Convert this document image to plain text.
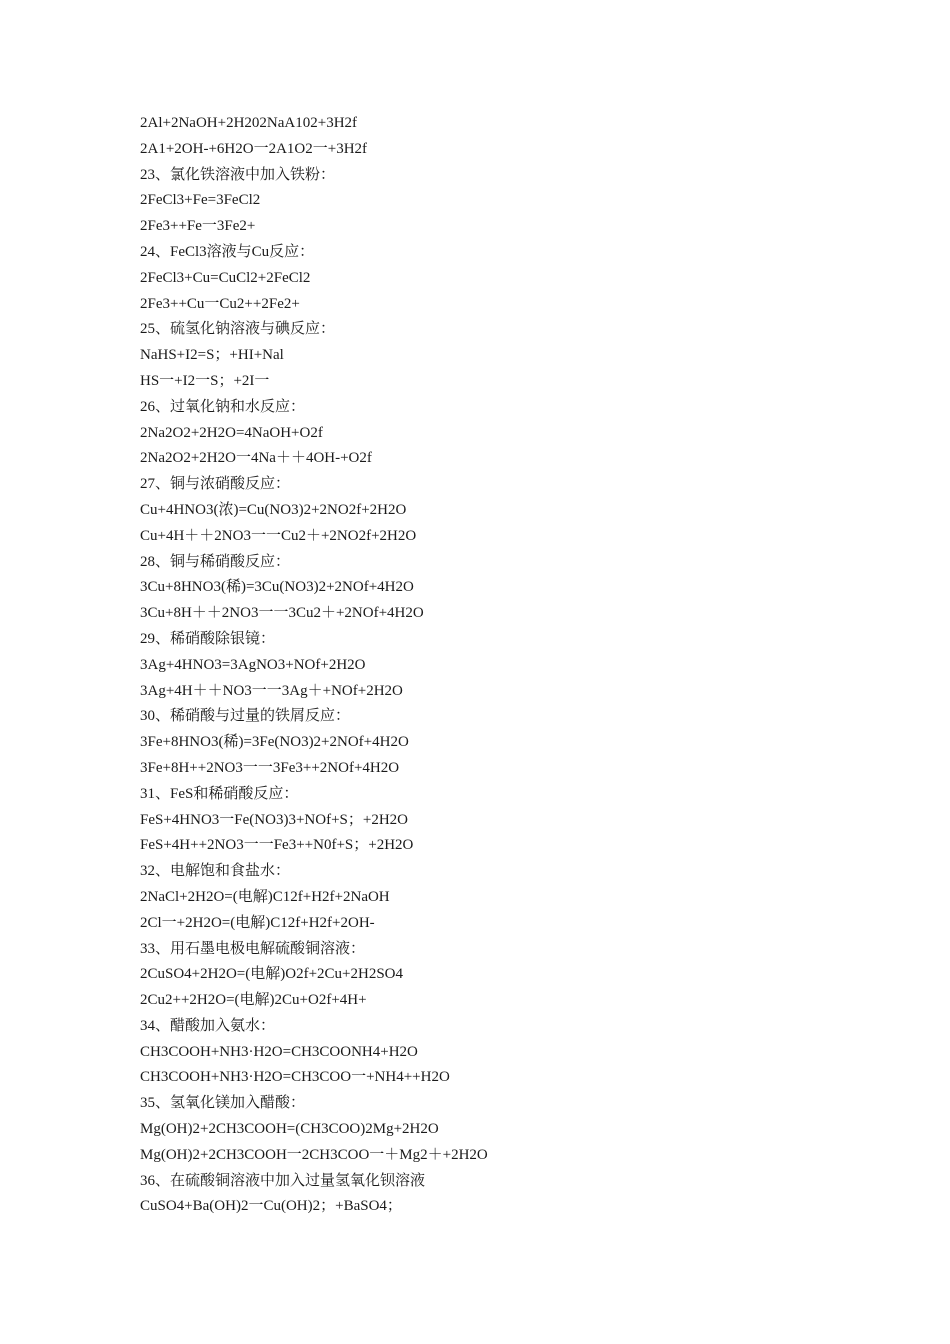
2Al+2NaOH+2H202NaA102+3H2f
2A1+2OH-+6H2O一2A1O2一+3H2f
23、氯化铁溶液中加入铁粉：
2FeCl3+Fe=3FeCl2
2Fe3++Fe一3Fe2+
24、FeCl3溶液与Cu反应：
2FeCl3+Cu=CuCl2+2FeCl2
2Fe3++Cu一Cu2++2Fe2+
25、硫氢化钠溶液与碘反应：
NaHS+I2=S；+HI+Nal
HS一+I2一S；+2I一
26、过氧化钠和水反应：
2Na2O2+2H2O=4NaOH+O2f
2Na2O2+2H2O一4Na＋＋4OH-+O2f
27、铜与浓硝酸反应：
Cu+4HNO3(浓)=Cu(NO3)2+2NO2f+2H2O
Cu+4H＋＋2NO3一一Cu2＋+2NO2f+2H2O
28、铜与稀硝酸反应：
3Cu+8HNO3(稀)=3Cu(NO3)2+2NOf+4H2O
3Cu+8H＋＋2NO3一一3Cu2＋+2NOf+4H2O
29、稀硝酸除银镜：
3Ag+4HNO3=3AgNO3+NOf+2H2O
3Ag+4H＋＋NO3一一3Ag＋+NOf+2H2O
30、稀硝酸与过量的铁屑反应：
3Fe+8HNO3(稀)=3Fe(NO3)2+2NOf+4H2O
3Fe+8H++2NO3一一3Fe3++2NOf+4H2O
31、FeS和稀硝酸反应：
FeS+4HNO3一Fe(NO3)3+NOf+S；+2H2O
FeS+4H++2NO3一一Fe3++N0f+S；+2H2O
32、电解饱和食盐水：
2NaCl+2H2O=(电解)C12f+H2f+2NaOH
2Cl一+2H2O=(电解)C12f+H2f+2OH-
33、用石墨电极电解硫酸铜溶液：
2CuSO4+2H2O=(电解)O2f+2Cu+2H2SO4
2Cu2++2H2O=(电解)2Cu+O2f+4H+
34、醋酸加入氨水：
CH3COOH+NH3·H2O=CH3COONH4+H2O
CH3COOH+NH3·H2O=CH3COO一+NH4++H2O
35、氢氧化镁加入醋酸：
Mg(OH)2+2CH3COOH=(CH3COO)2Mg+2H2O
Mg(OH)2+2CH3COOH一2CH3COO一＋Mg2＋+2H2O
36、在硫酸铜溶液中加入过量氢氧化钡溶液
CuSO4+Ba(OH)2一Cu(OH)2；+BaSO4；
